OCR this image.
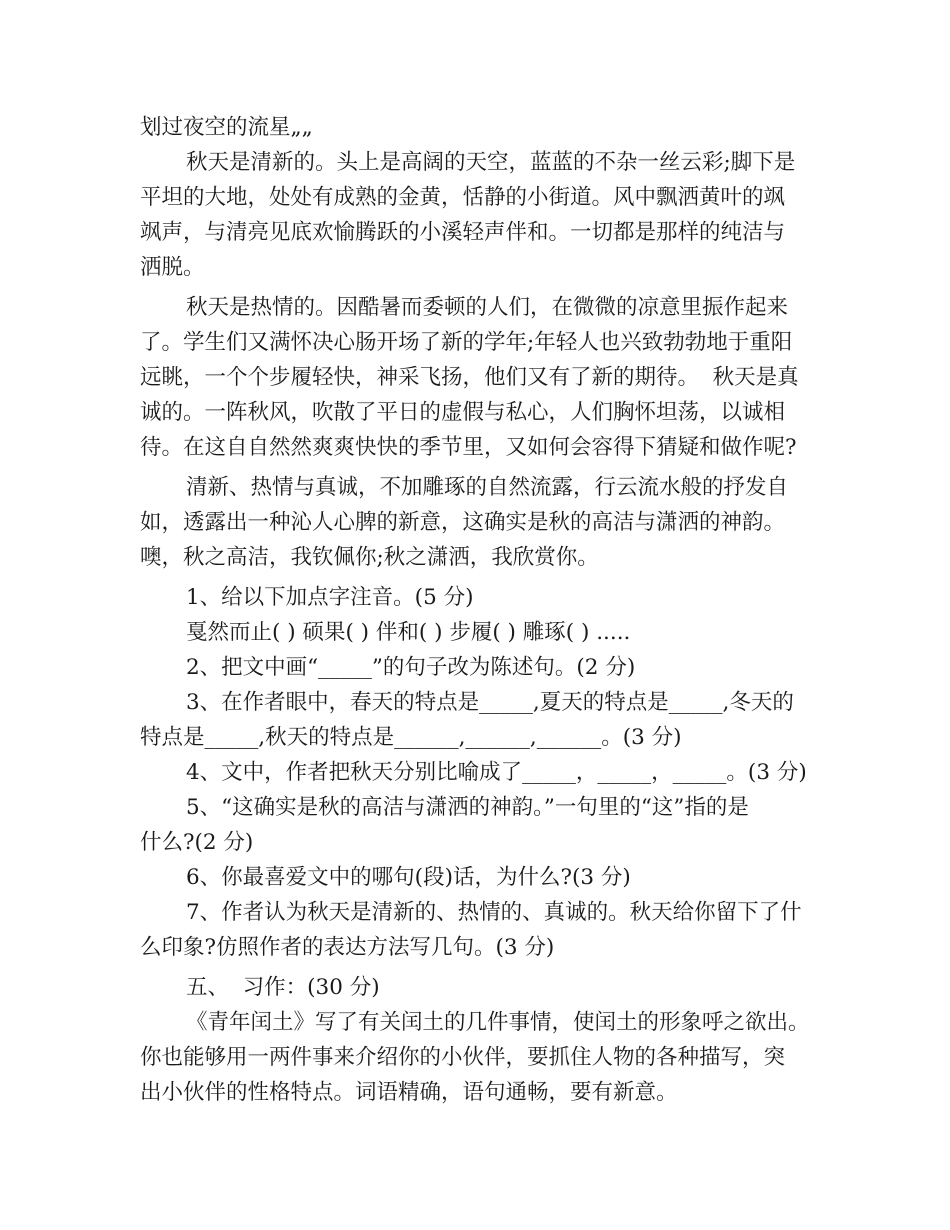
划过夜空的流星„„

秋天是清新的。头上是高阔的天空，蓝蓝的不杂一丝云彩;脚下是

平坦的大地，处处有成熟的金黄，恬静的小街道。风中飘洒黄叶的飒

飒声，与清亮见底欢愉腾跃的小溪轻声伴和。一切都是那样的纯洁与

洒脱。

秋天是热情的。因酷暑而委顿的人们，在微微的凉意里振作起来

了。学生们又满怀决心肠开场了新的学年;年轻人也兴致勃勃地于重阳

远眺，一个个步履轻快，神采飞扬，他们又有了新的期待。  秋天是真

诚的。一阵秋风，吹散了平日的虚假与私心，人们胸怀坦荡，以诚相

待。在这自自然然爽爽快快的季节里，又如何会容得下猜疑和做作呢?

清新、热情与真诚，不加雕琢的自然流露，行云流水般的抒发自

如，透露出一种沁人心脾的新意，这确实是秋的高洁与潇洒的神韵。

噢，秋之高洁，我钦佩你;秋之潇洒，我欣赏你。

1、给以下加点字注音。(5 分)

戛然而止( ) 硕果( ) 伴和( ) 步履( ) 雕琢( ) .....

2、把文中画“_____”的句子改为陈述句。(2 分)

3、在作者眼中，春天的特点是_____,夏天的特点是_____,冬天的

特点是_____,秋天的特点是______,______,______。(3 分)

4、文中，作者把秋天分别比喻成了_____，_____，_____。(3 分)

5、“这确实是秋的高洁与潇洒的神韵。”一句里的“这”指的是

什么?(2 分)

6、你最喜爱文中的哪句(段)话，为什么?(3 分)

7、作者认为秋天是清新的、热情的、真诚的。秋天给你留下了什

么印象?仿照作者的表达方法写几句。(3 分)

五、  习作：(30 分)

《青年闰土》写了有关闰土的几件事情，使闰土的形象呼之欲出。

你也能够用一两件事来介绍你的小伙伴，要抓住人物的各种描写，突

出小伙伴的性格特点。词语精确，语句通畅，要有新意。
